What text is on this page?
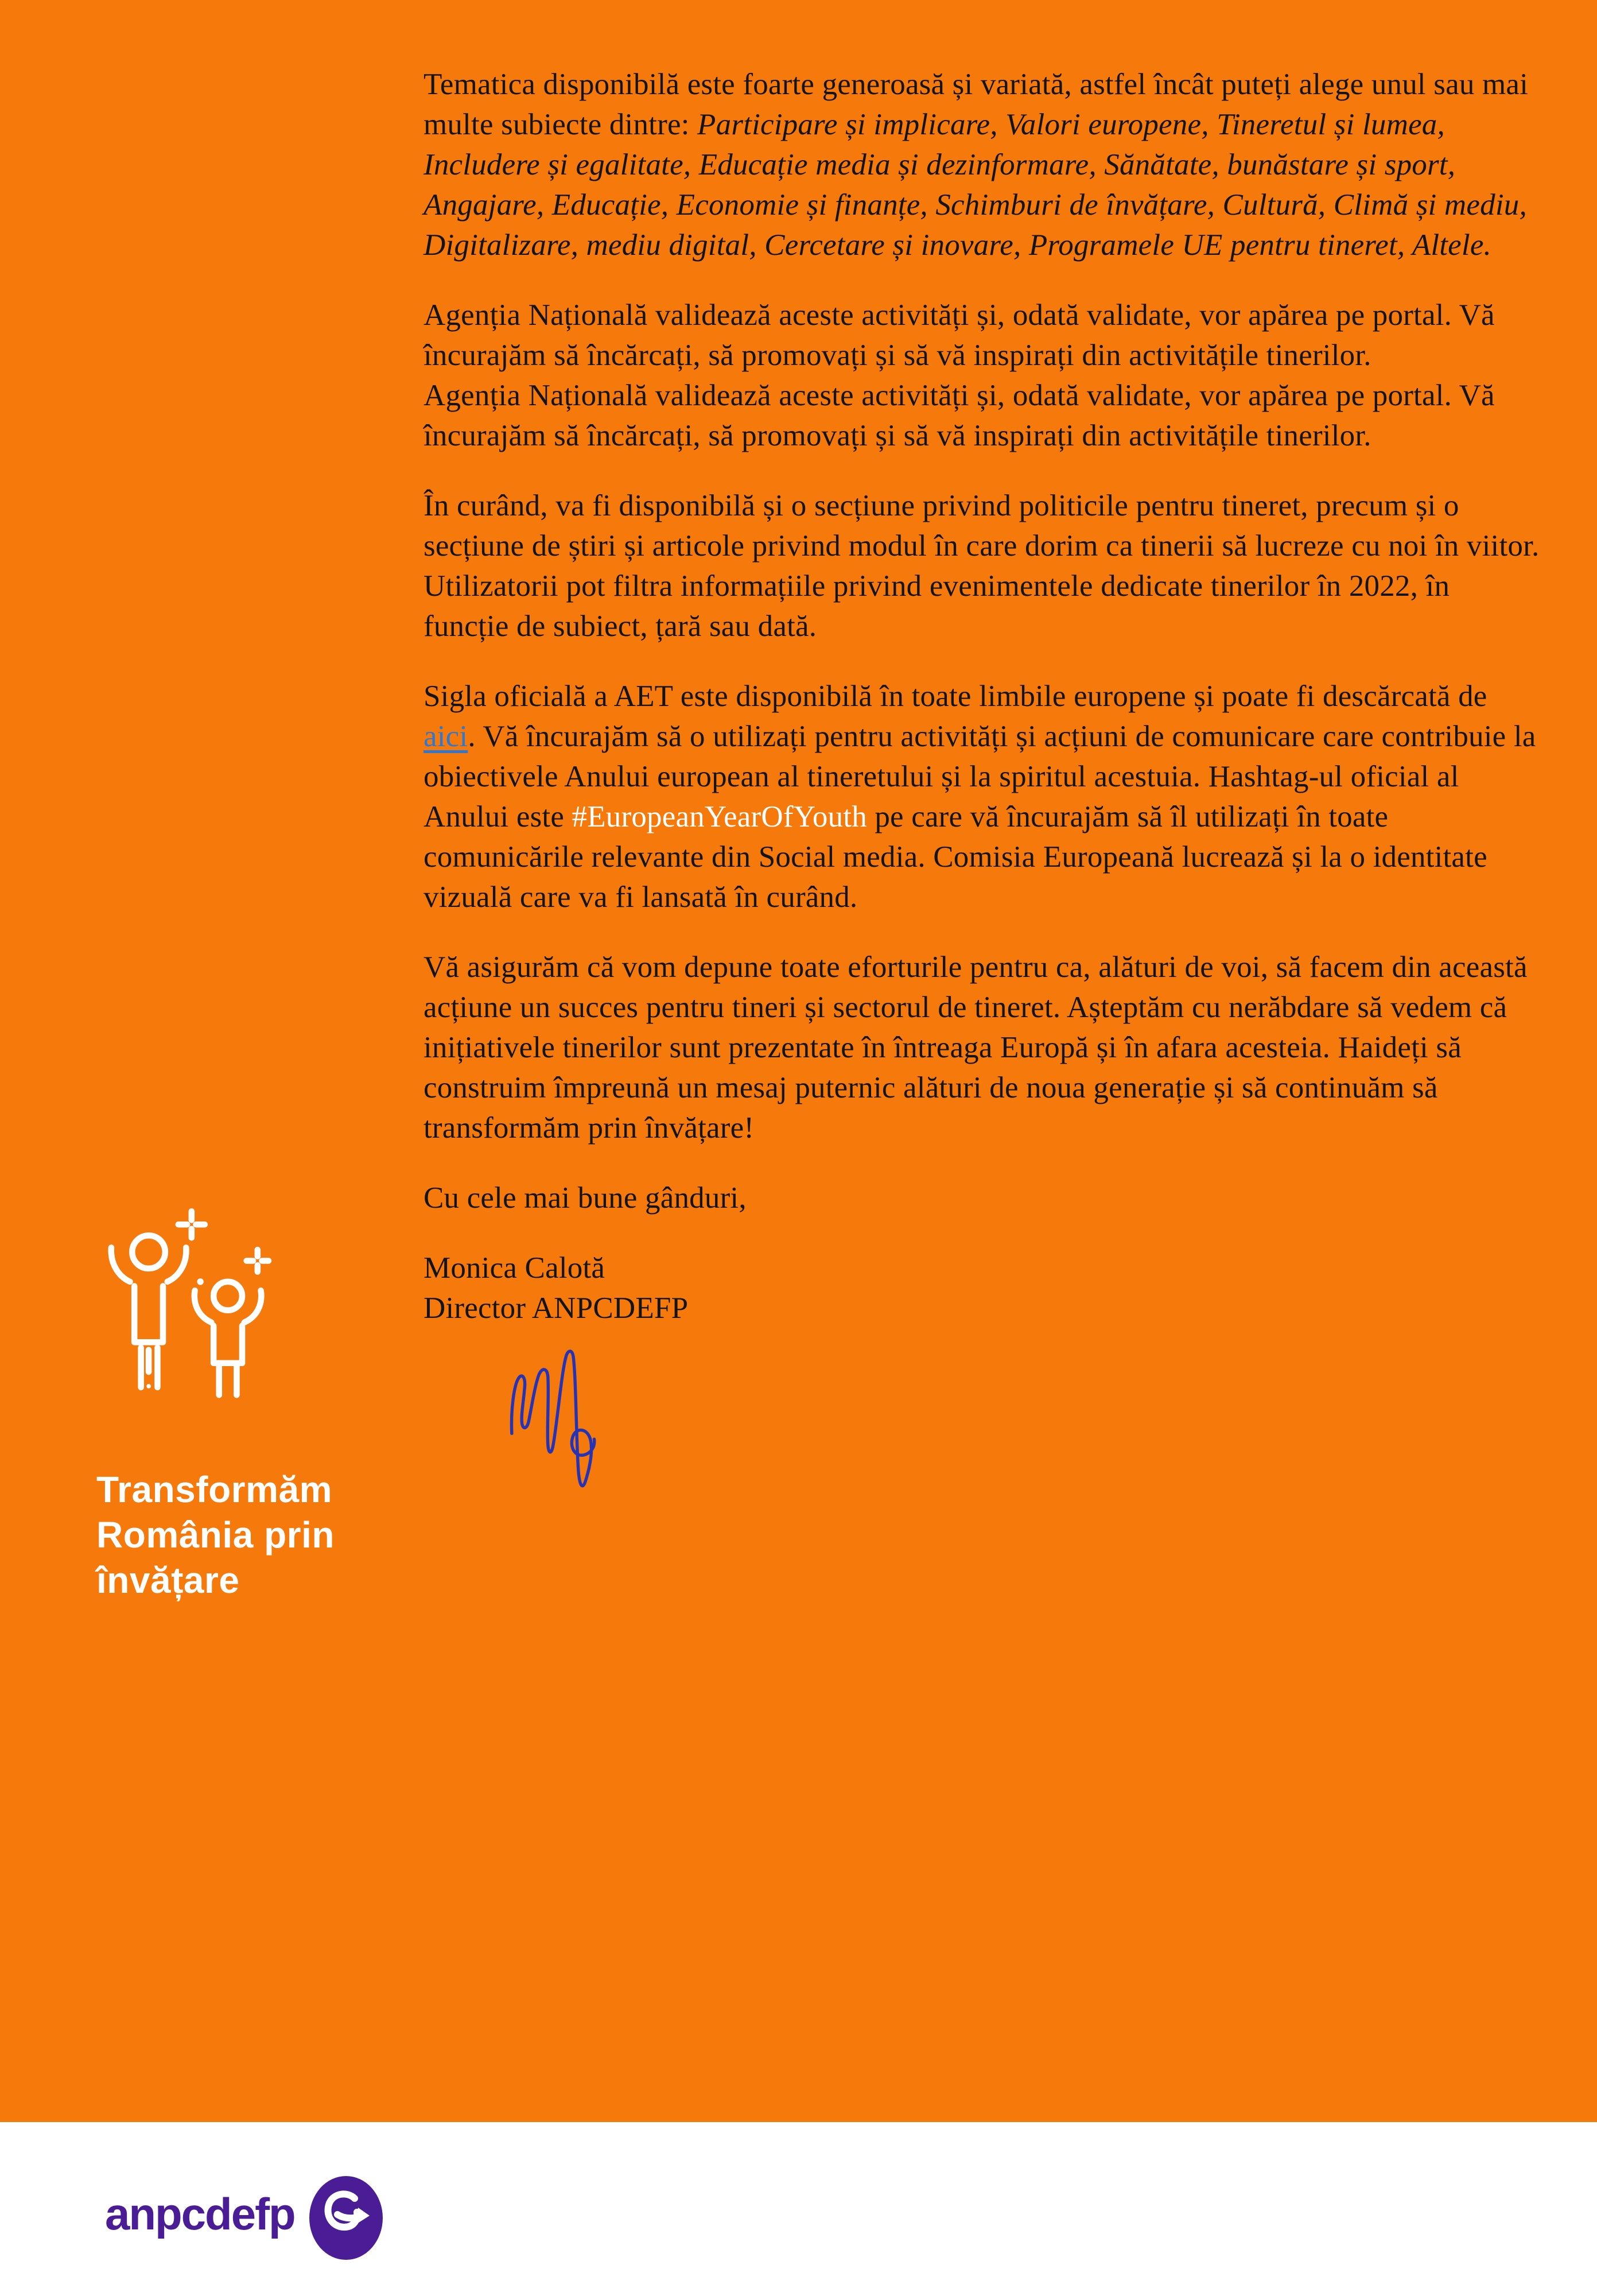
Tematica disponibilă este foarte generoasă și variată, astfel încât puteți alege unul sau mai multe subiecte dintre: Participare și implicare, Valori europene, Tineretul și lumea, Includere și egalitate, Educație media și dezinformare, Sănătate, bunăstare și sport, Angajare, Educație, Economie și finanțe, Schimburi de învățare, Cultură, Climă și mediu, Digitalizare, mediu digital, Cercetare și inovare, Programele UE pentru tineret, Altele.

Agenția Națională validează aceste activități și, odată validate, vor apărea pe portal. Vă încurajăm să încărcați, să promovați și să vă inspirați din activitățile tinerilor.

Agenția Națională validează aceste activități și, odată validate, vor apărea pe portal. Vă încurajăm să încărcați, să promovați și să vă inspirați din activitățile tinerilor.

În curând, va fi disponibilă și o secțiune privind politicile pentru tineret, precum și o secțiune de știri și articole privind modul în care dorim ca tinerii să lucreze cu noi în viitor. Utilizatorii pot filtra informațiile privind evenimentele dedicate tinerilor în 2022, în funcție de subiect, țară sau dată.

Sigla oficială a AET este disponibilă în toate limbile europene și poate fi descărcată de aici. Vă încurajăm să o utilizați pentru activități și acțiuni de comunicare care contribuie la obiectivele Anului european al tineretului și la spiritul acestuia. Hashtag-ul oficial al Anului este #EuropeanYearOfYouth pe care vă încurajăm să îl utilizați în toate comunicările relevante din Social media. Comisia Europeană lucrează și la o identitate vizuală care va fi lansată în curând.

Vă asigurăm că vom depune toate eforturile pentru ca, alături de voi, să facem din această acțiune un succes pentru tineri și sectorul de tineret. Așteptăm cu nerăbdare să vedem că inițiativele tinerilor sunt prezentate în întreaga Europă și în afara acesteia. Haideți să construim împreună un mesaj puternic alături de noua generație și să continuăm să transformăm prin învățare!

Cu cele mai bune gânduri,

Monica Calotă
Director ANPCDEFP
Transformăm
România prin
învățare
anpcdefp
